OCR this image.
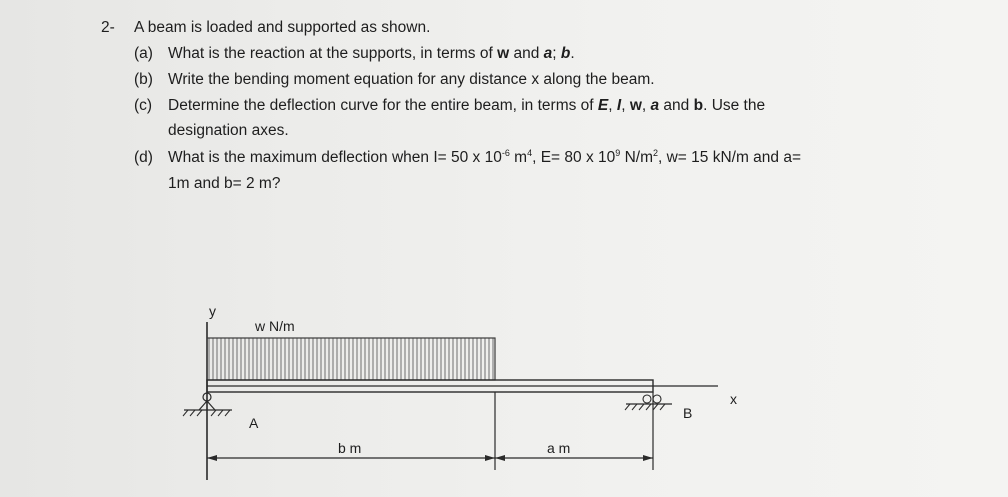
2- A beam is loaded and supported as shown.
(a) What is the reaction at the supports, in terms of w and a; b.
(b) Write the bending moment equation for any distance x along the beam.
(c) Determine the deflection curve for the entire beam, in terms of E, I, w, a and b. Use the
designation axes.
(d) What is the maximum deflection when I= 50 x $10^{-6}$ $m^4$, E= 80 x $10^9$ $N/m^2$, w= 15 kN/m and a=
1m and b= 2 m?
y
w N/m
x
A
B
b m	a m
